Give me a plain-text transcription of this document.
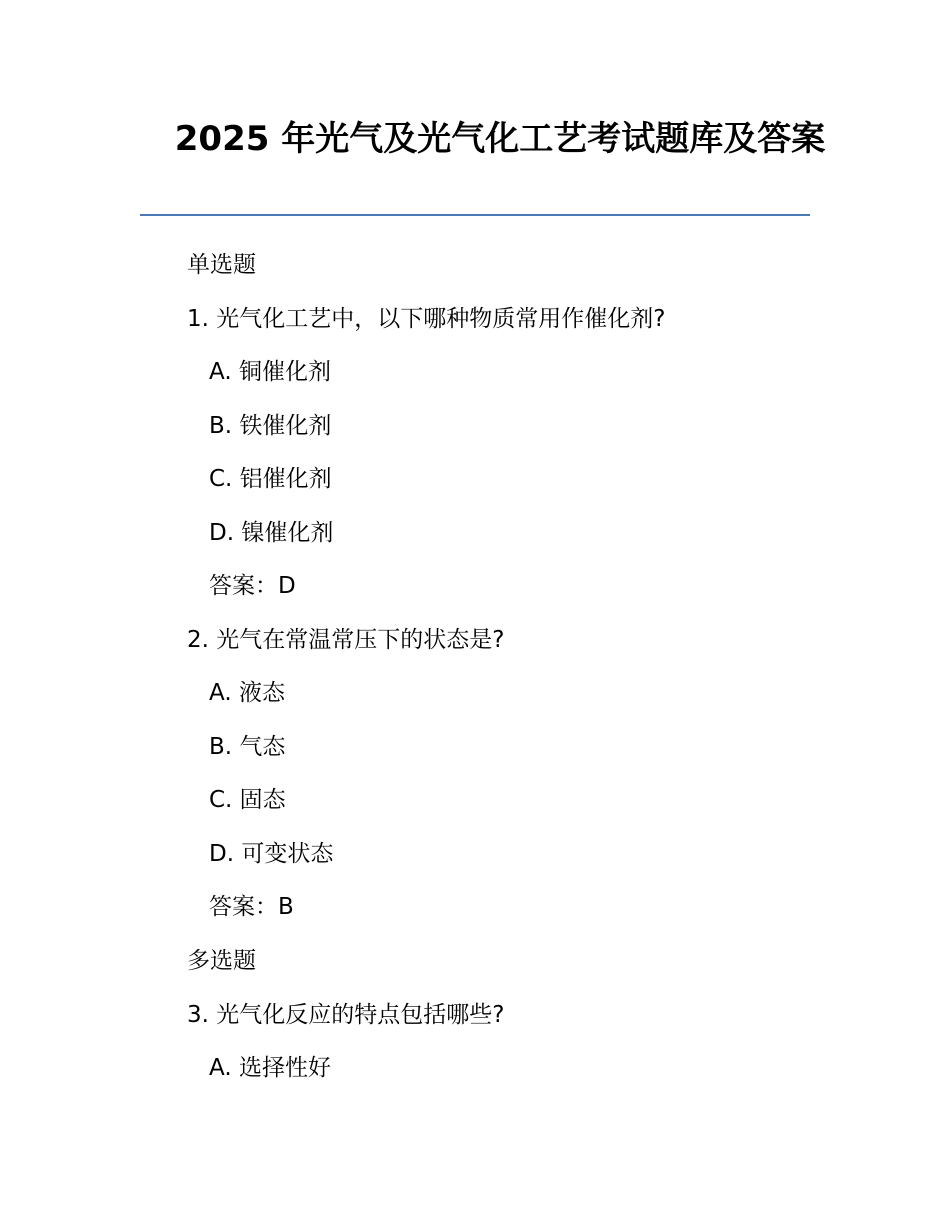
2025 年光气及光气化工艺考试题库及答案
单选题
1. 光气化工艺中，以下哪种物质常用作催化剂?
A. 铜催化剂
B. 铁催化剂
C. 铝催化剂
D. 镍催化剂
答案：D
2. 光气在常温常压下的状态是?
A. 液态
B. 气态
C. 固态
D. 可变状态
答案：B
多选题
3. 光气化反应的特点包括哪些?
A. 选择性好
